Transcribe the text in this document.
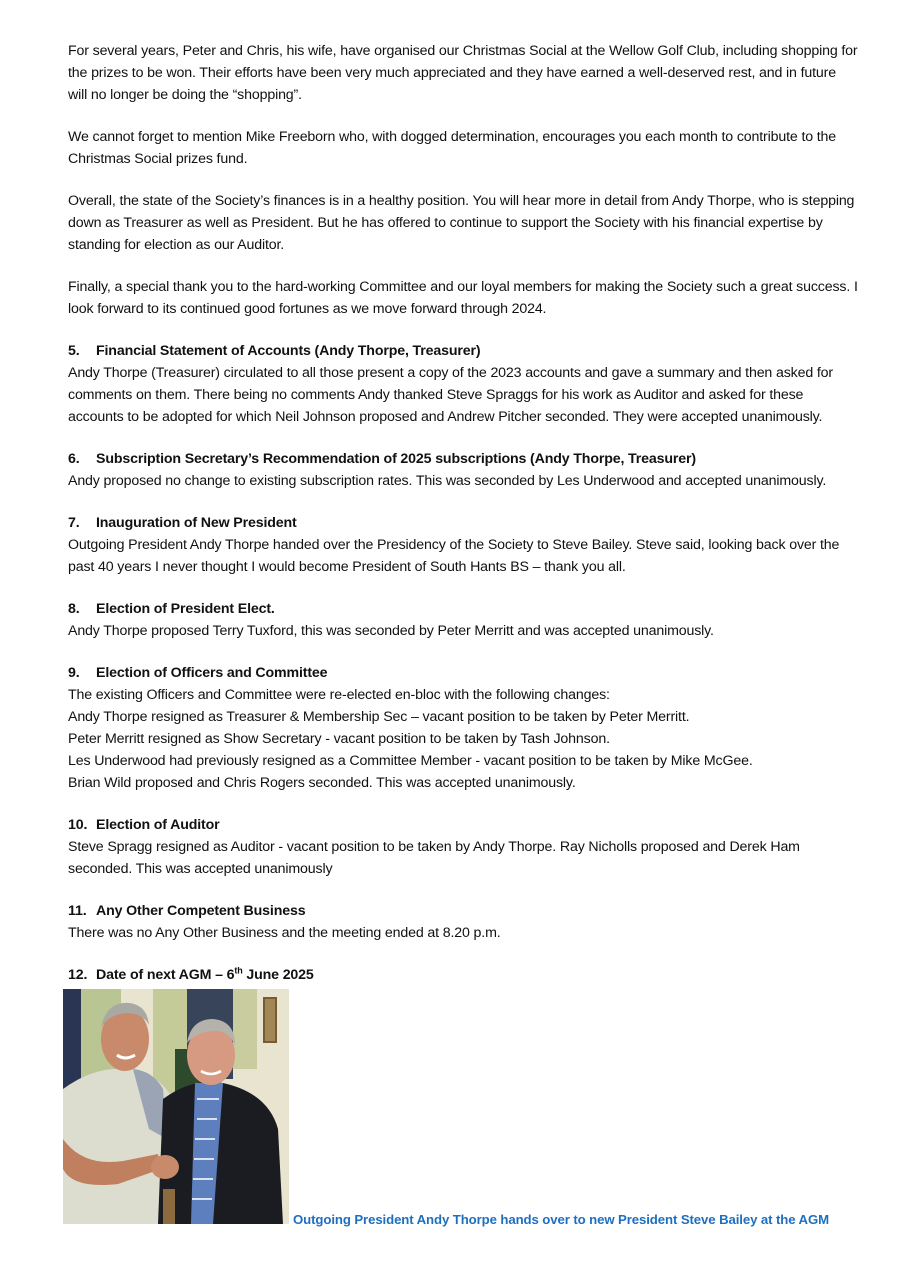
For several years, Peter and Chris, his wife, have organised our Christmas Social at the Wellow Golf Club, including shopping for the prizes to be won. Their efforts have been very much appreciated and they have earned a well-deserved rest, and in future will no longer be doing the “shopping”.

We cannot forget to mention Mike Freeborn who, with dogged determination, encourages you each month to contribute to the Christmas Social prizes fund.

Overall, the state of the Society’s finances is in a healthy position. You will hear more in detail from Andy Thorpe, who is stepping down as Treasurer as well as President. But he has offered to continue to support the Society with his financial expertise by standing for election as our Auditor.

Finally, a special thank you to the hard-working Committee and our loyal members for making the Society such a great success. I look forward to its continued good fortunes as we move forward through 2024.

5. Financial Statement of Accounts (Andy Thorpe, Treasurer)

Andy Thorpe (Treasurer) circulated to all those present a copy of the 2023 accounts and gave a summary and then asked for comments on them. There being no comments Andy thanked Steve Spraggs for his work as Auditor and asked for these accounts to be adopted for which Neil Johnson proposed and Andrew Pitcher seconded. They were accepted unanimously.

6. Subscription Secretary’s Recommendation of 2025 subscriptions (Andy Thorpe, Treasurer)

Andy proposed no change to existing subscription rates. This was seconded by Les Underwood and accepted unanimously.

7. Inauguration of New President

Outgoing President Andy Thorpe handed over the Presidency of the Society to Steve Bailey. Steve said, looking back over the past 40 years I never thought I would become President of South Hants BS – thank you all.

8. Election of President Elect.

Andy Thorpe proposed Terry Tuxford, this was seconded by Peter Merritt and was accepted unanimously.

9. Election of Officers and Committee

The existing Officers and Committee were re-elected en-bloc with the following changes:

Andy Thorpe resigned as Treasurer & Membership Sec – vacant position to be taken by Peter Merritt.

Peter Merritt resigned as Show Secretary - vacant position to be taken by Tash Johnson.

Les Underwood had previously resigned as a Committee Member - vacant position to be taken by Mike McGee.

Brian Wild proposed and Chris Rogers seconded. This was accepted unanimously.

10. Election of Auditor

Steve Spragg resigned as Auditor - vacant position to be taken by Andy Thorpe. Ray Nicholls proposed and Derek Ham seconded. This was accepted unanimously

11. Any Other Competent Business

There was no Any Other Business and the meeting ended at 8.20 p.m.

12. Date of next AGM – 6th June 2025

Outgoing President Andy Thorpe hands over to new President Steve Bailey at the AGM
